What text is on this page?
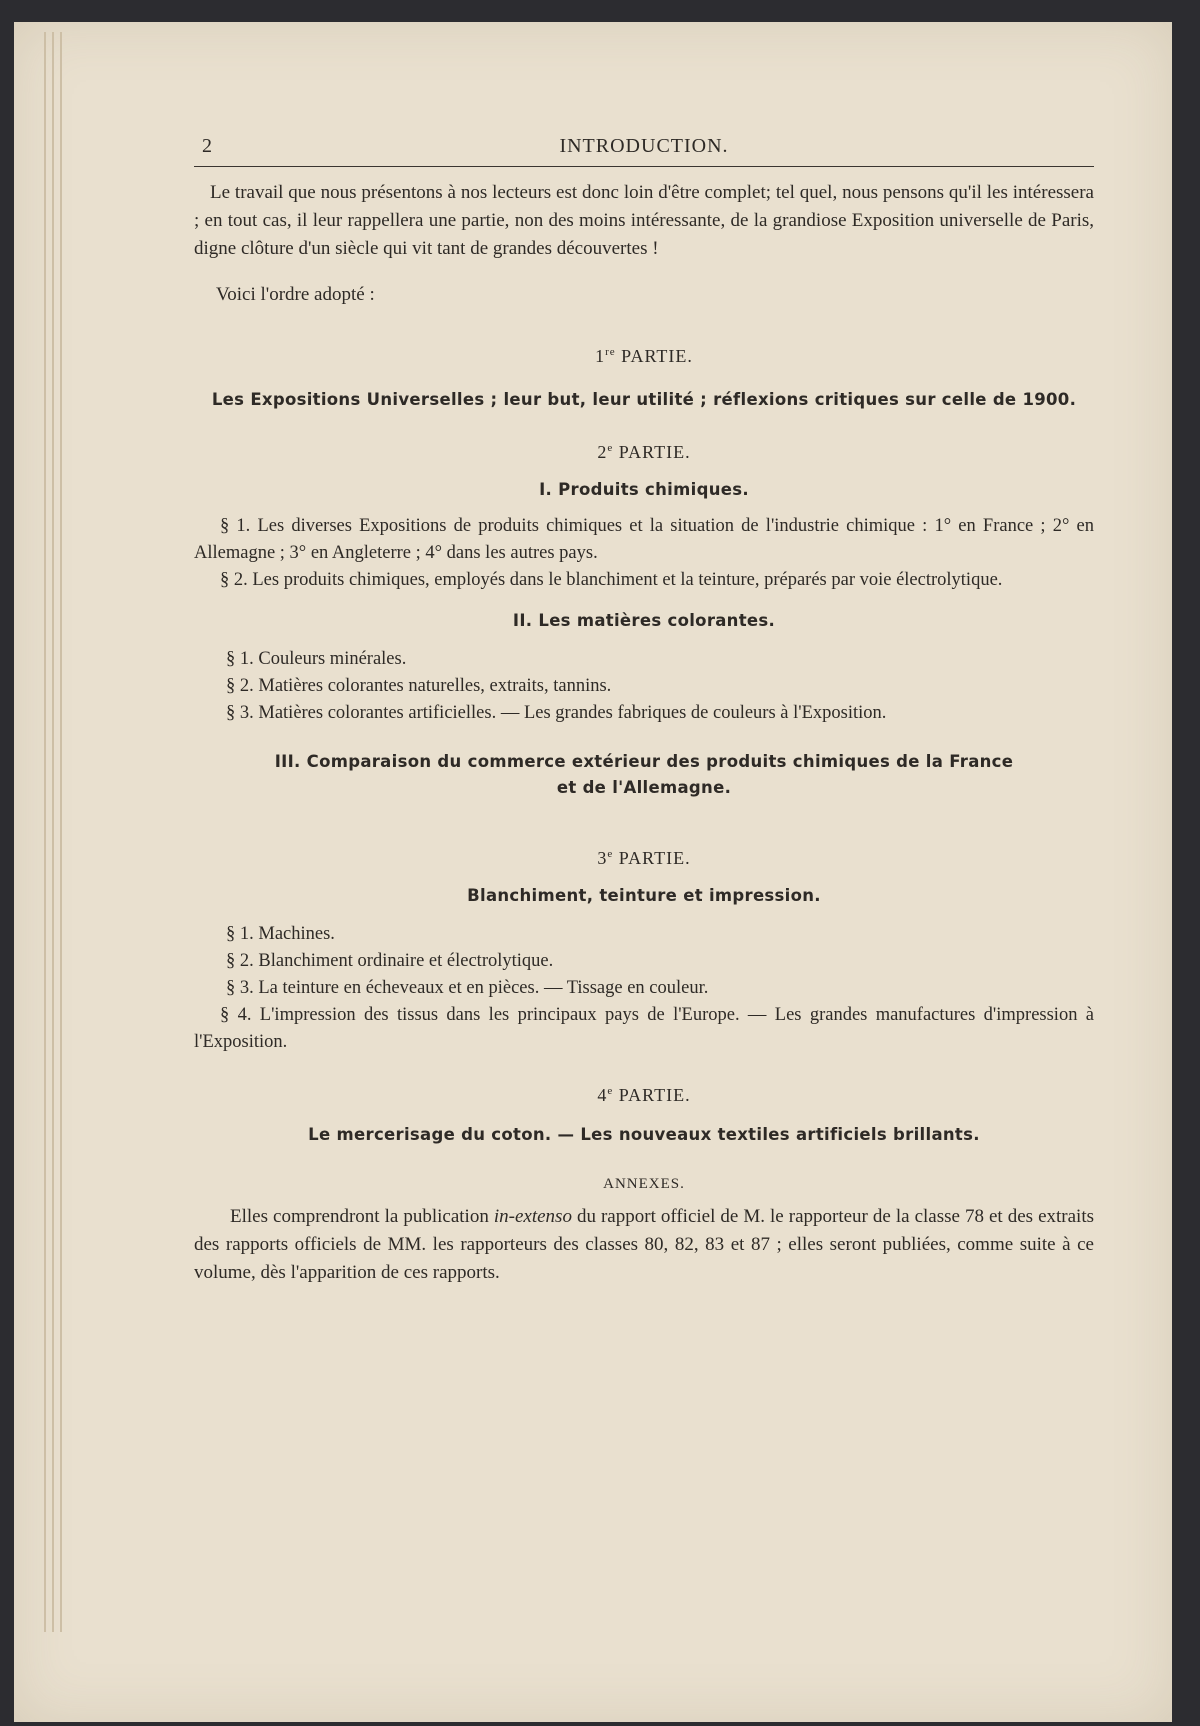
2	INTRODUCTION.

Le travail que nous présentons à nos lecteurs est donc loin d'être complet; tel quel, nous pensons qu'il les intéressera ; en tout cas, il leur rappellera une partie, non des moins intéressante, de la grandiose Exposition universelle de Paris, digne clôture d'un siècle qui vit tant de grandes découvertes !

Voici l'ordre adopté :

1re PARTIE.
Les Expositions Universelles ; leur but, leur utilité ; réflexions critiques sur celle de 1900.
2e PARTIE.
I. Produits chimiques.

§ 1. Les diverses Expositions de produits chimiques et la situation de l'industrie chimique : 1° en France ; 2° en Allemagne ; 3° en Angleterre ; 4° dans les autres pays.

§ 2. Les produits chimiques, employés dans le blanchiment et la teinture, préparés par voie électrolytique.

II. Les matières colorantes.

§ 1. Couleurs minérales.

§ 2. Matières colorantes naturelles, extraits, tannins.

§ 3. Matières colorantes artificielles. — Les grandes fabriques de couleurs à l'Exposition.

III. Comparaison du commerce extérieur des produits chimiques de la France
et de l'Allemagne.
3e PARTIE.
Blanchiment, teinture et impression.

§ 1. Machines.

§ 2. Blanchiment ordinaire et électrolytique.

§ 3. La teinture en écheveaux et en pièces. — Tissage en couleur.

§ 4. L'impression des tissus dans les principaux pays de l'Europe. — Les grandes manufactures d'impression à l'Exposition.

4e PARTIE.
Le mercerisage du coton. — Les nouveaux textiles artificiels brillants.
ANNEXES.

Elles comprendront la publication in-extenso du rapport officiel de M. le rapporteur de la classe 78 et des extraits des rapports officiels de MM. les rapporteurs des classes 80, 82, 83 et 87 ; elles seront publiées, comme suite à ce volume, dès l'apparition de ces rapports.
